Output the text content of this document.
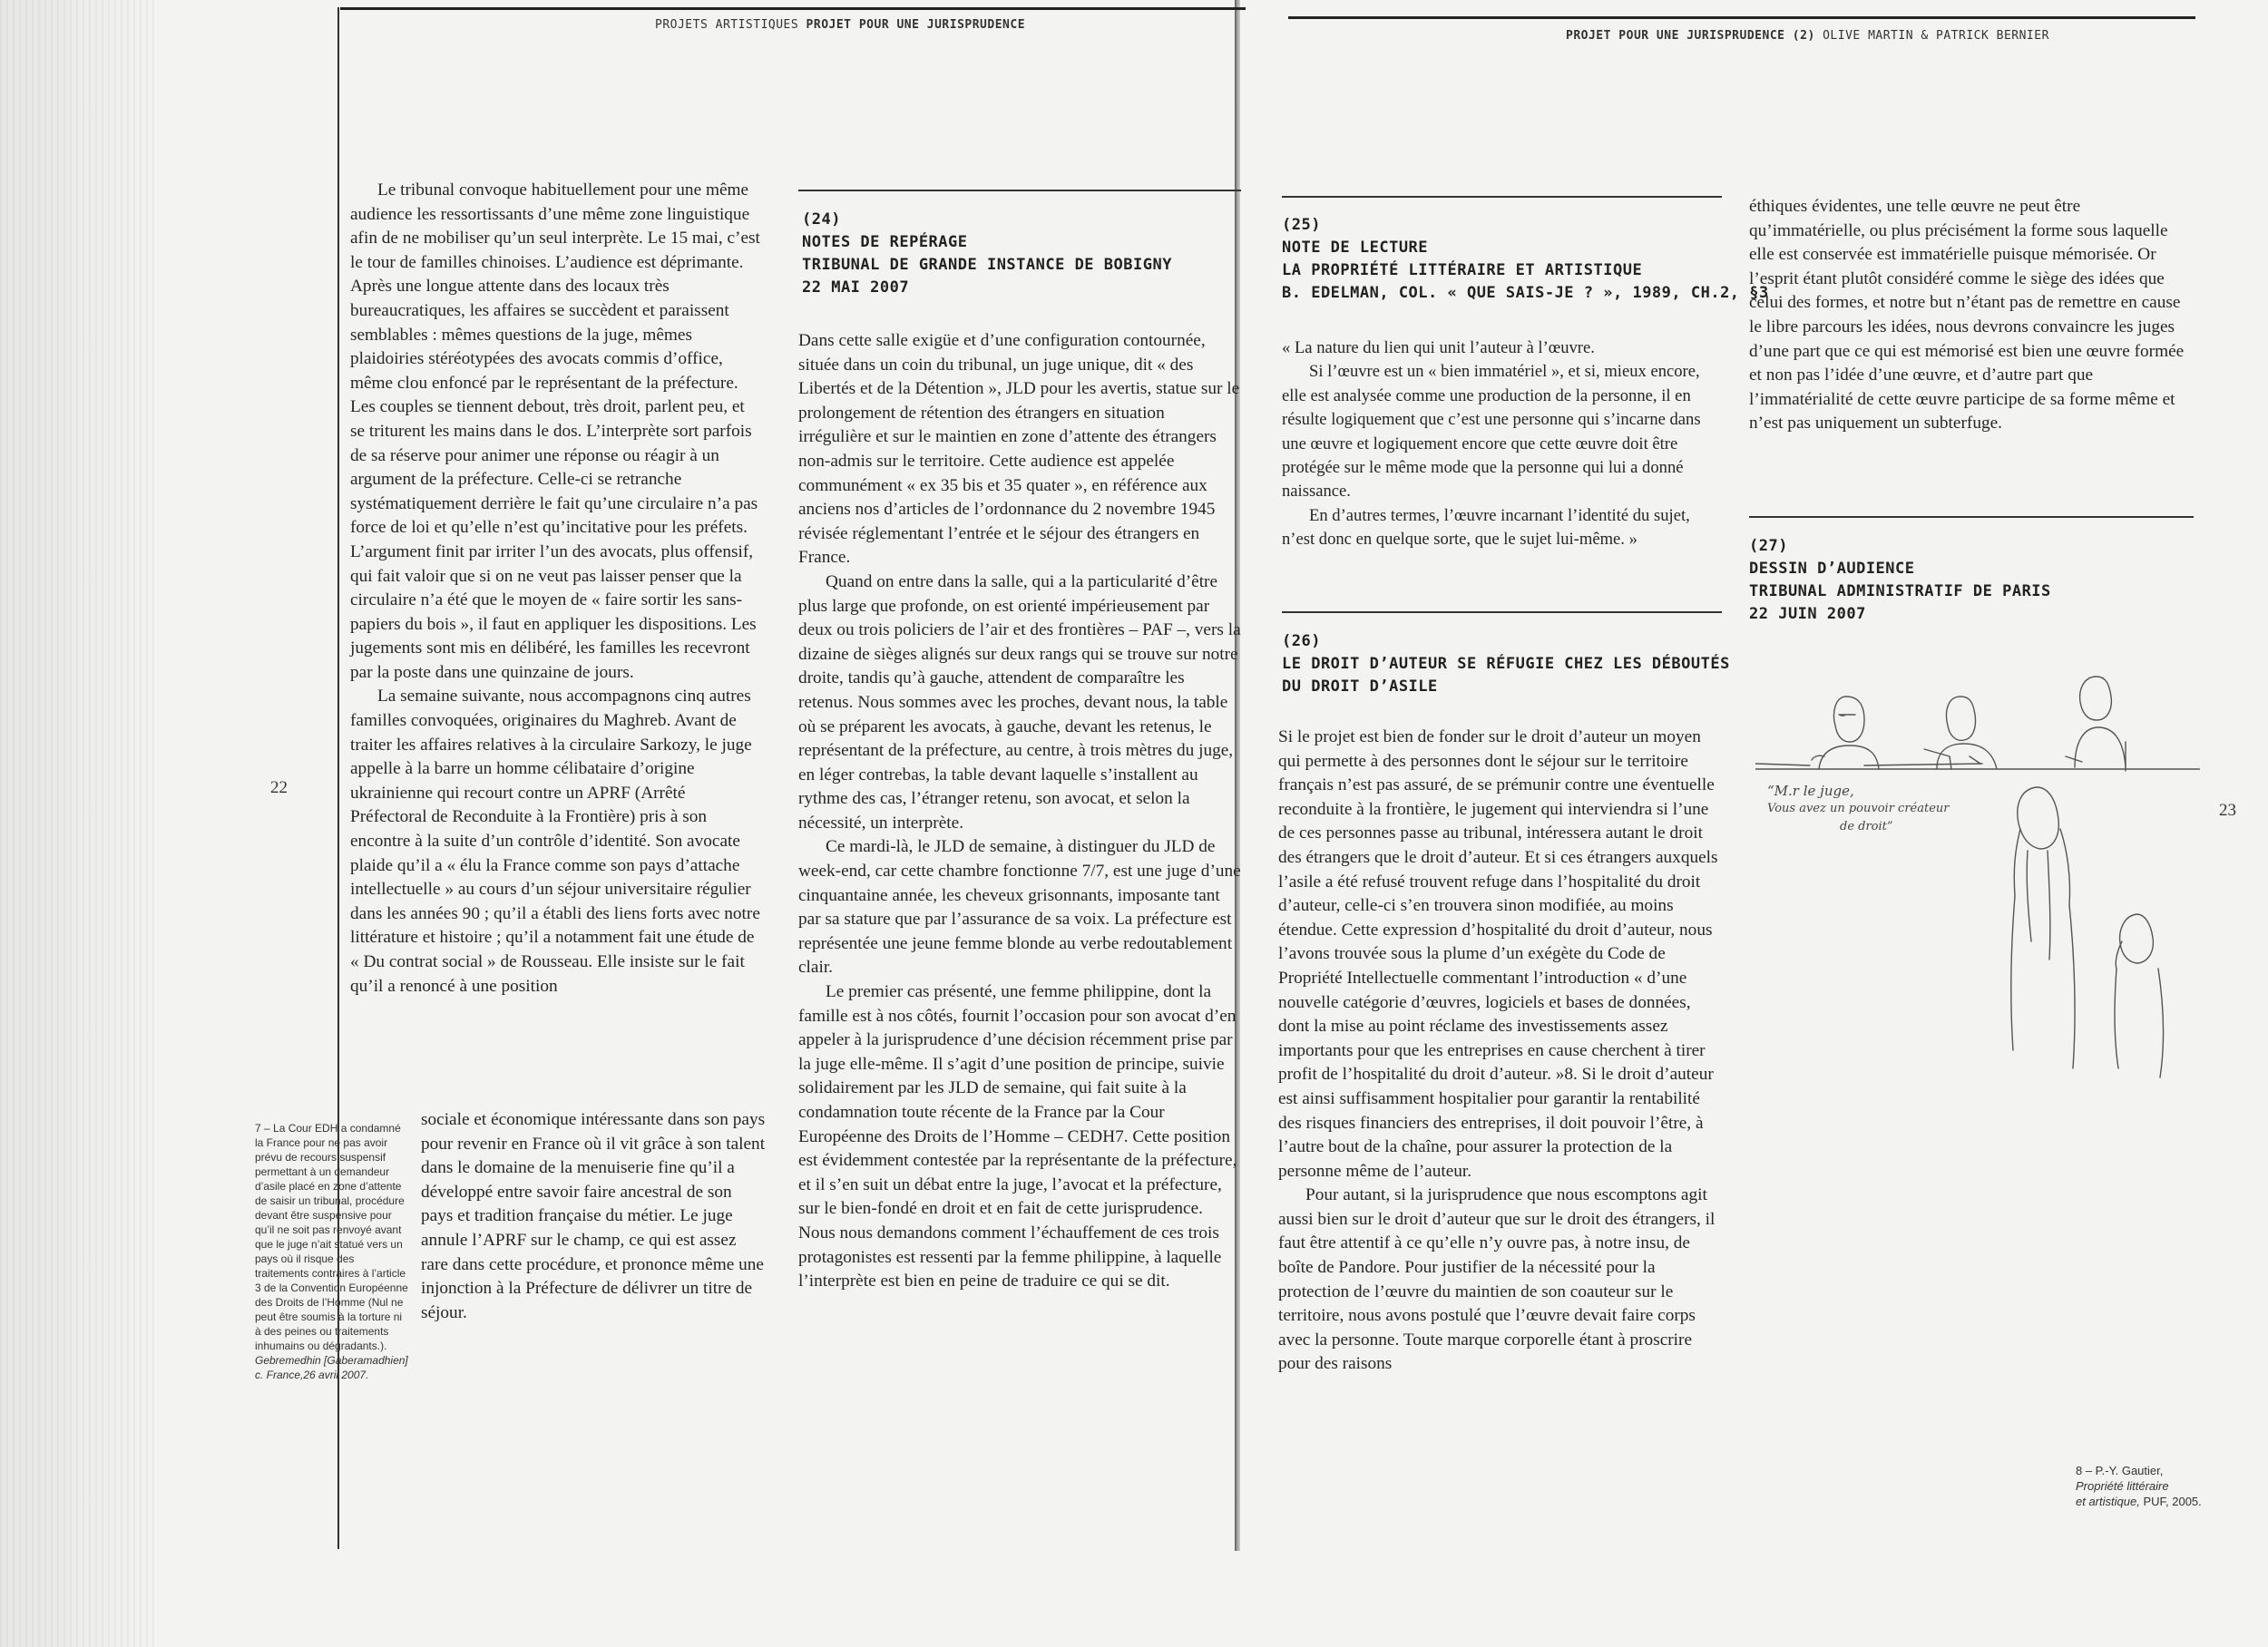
PROJETS ARTISTIQUES PROJET POUR UNE JURISPRUDENCE
PROJET POUR UNE JURISPRUDENCE (2) OLIVE MARTIN & PATRICK BERNIER
22
23

Le tribunal convoque habituellement pour une même audience les ressortissants d’une même zone linguistique afin de ne mobiliser qu’un seul interprète. Le 15 mai, c’est le tour de familles chinoises. L’audience est déprimante. Après une longue attente dans des locaux très bureaucratiques, les affaires se succèdent et paraissent semblables : mêmes questions de la juge, mêmes plaidoiries stéréotypées des avocats commis d’office, même clou enfoncé par le représentant de la préfecture. Les couples se tiennent debout, très droit, parlent peu, et se triturent les mains dans le dos. L’interprète sort parfois de sa réserve pour animer une réponse ou réagir à un argument de la préfecture. Celle-ci se retranche systématiquement derrière le fait qu’une circulaire n’a pas force de loi et qu’elle n’est qu’incitative pour les préfets. L’argument finit par irriter l’un des avocats, plus offensif, qui fait valoir que si on ne veut pas laisser penser que la circulaire n’a été que le moyen de « faire sortir les sans-papiers du bois », il faut en appliquer les dispositions. Les jugements sont mis en délibéré, les familles les recevront par la poste dans une quinzaine de jours.

La semaine suivante, nous accompagnons cinq autres familles convoquées, originaires du Maghreb. Avant de traiter les affaires relatives à la circulaire Sarkozy, le juge appelle à la barre un homme célibataire d’origine ukrainienne qui recourt contre un APRF (Arrêté Préfectoral de Reconduite à la Frontière) pris à son encontre à la suite d’un contrôle d’identité. Son avocate plaide qu’il a « élu la France comme son pays d’attache intellectuelle » au cours d’un séjour universitaire régulier dans les années 90 ; qu’il a établi des liens forts avec notre littérature et histoire ; qu’il a notamment fait une étude de « Du contrat social » de Rousseau. Elle insiste sur le fait qu’il a renoncé à une position

sociale et économique intéressante dans son pays pour revenir en France où il vit grâce à son talent dans le domaine de la menuiserie fine qu’il a développé entre savoir faire ancestral de son pays et tradition française du métier. Le juge annule l’APRF sur le champ, ce qui est assez rare dans cette procédure, et prononce même une injonction à la Préfecture de délivrer un titre de séjour.

7 – La Cour EDH a condamné la France pour ne pas avoir prévu de recours suspensif permettant à un demandeur d’asile placé en zone d’attente de saisir un tribunal, procédure devant être suspensive pour qu’il ne soit pas renvoyé avant que le juge n’ait statué vers un pays où il risque des traitements contraires à l’article 3 de la Convention Européenne des Droits de l’Homme (Nul ne peut être soumis à la torture ni à des peines ou traitements inhumains ou dégradants.).
Gebremedhin [Gaberamadhien] c. France,26 avril 2007.
(24)
NOTES DE REPÉRAGE
TRIBUNAL DE GRANDE INSTANCE DE BOBIGNY
22 MAI 2007

Dans cette salle exigüe et d’une configuration contournée, située dans un coin du tribunal, un juge unique, dit « des Libertés et de la Détention », JLD pour les avertis, statue sur le prolongement de rétention des étrangers en situation irrégulière et sur le maintien en zone d’attente des étrangers non-admis sur le territoire. Cette audience est appelée communément « ex 35 bis et 35 quater », en référence aux anciens nos d’articles de l’ordonnance du 2 novembre 1945 révisée réglementant l’entrée et le séjour des étrangers en France.

Quand on entre dans la salle, qui a la particularité d’être plus large que profonde, on est orienté impérieusement par deux ou trois policiers de l’air et des frontières – PAF –, vers la dizaine de sièges alignés sur deux rangs qui se trouve sur notre droite, tandis qu’à gauche, attendent de comparaître les retenus. Nous sommes avec les proches, devant nous, la table où se préparent les avocats, à gauche, devant les retenus, le représentant de la préfecture, au centre, à trois mètres du juge, en léger contrebas, la table devant laquelle s’installent au rythme des cas, l’étranger retenu, son avocat, et selon la nécessité, un interprète.

Ce mardi-là, le JLD de semaine, à distinguer du JLD de week-end, car cette chambre fonctionne 7/7, est une juge d’une cinquantaine année, les cheveux grisonnants, imposante tant par sa stature que par l’assurance de sa voix. La préfecture est représentée une jeune femme blonde au verbe redoutablement clair.

Le premier cas présenté, une femme philippine, dont la famille est à nos côtés, fournit l’occasion pour son avocat d’en appeler à la jurisprudence d’une décision récemment prise par la juge elle-même. Il s’agit d’une position de principe, suivie solidairement par les JLD de semaine, qui fait suite à la condamnation toute récente de la France par la Cour Européenne des Droits de l’Homme – CEDH7. Cette position est évidemment contestée par la représentante de la préfecture, et il s’en suit un débat entre la juge, l’avocat et la préfecture, sur le bien-fondé en droit et en fait de cette jurisprudence. Nous nous demandons comment l’échauffement de ces trois protagonistes est ressenti par la femme philippine, à laquelle l’interprète est bien en peine de traduire ce qui se dit.

(25)
NOTE DE LECTURE
LA PROPRIÉTÉ LITTÉRAIRE ET ARTISTIQUE
B. EDELMAN, COL. « QUE SAIS-JE ? », 1989, CH.2, §3

« La nature du lien qui unit l’auteur à l’œuvre.

Si l’œuvre est un « bien immatériel », et si, mieux encore, elle est analysée comme une production de la personne, il en résulte logiquement que c’est une personne qui s’incarne dans une œuvre et logiquement encore que cette œuvre doit être protégée sur le même mode que la personne qui lui a donné naissance.

En d’autres termes, l’œuvre incarnant l’identité du sujet, n’est donc en quelque sorte, que le sujet lui-même. »

(26)
LE DROIT D’AUTEUR SE RÉFUGIE CHEZ LES DÉBOUTÉS
DU DROIT D’ASILE

Si le projet est bien de fonder sur le droit d’auteur un moyen qui permette à des personnes dont le séjour sur le territoire français n’est pas assuré, de se prémunir contre une éventuelle reconduite à la frontière, le jugement qui interviendra si l’une de ces personnes passe au tribunal, intéressera autant le droit des étrangers que le droit d’auteur. Et si ces étrangers auxquels l’asile a été refusé trouvent refuge dans l’hospitalité du droit d’auteur, celle-ci s’en trouvera sinon modifiée, au moins étendue. Cette expression d’hospitalité du droit d’auteur, nous l’avons trouvée sous la plume d’un exégète du Code de Propriété Intellectuelle commentant l’introduction « d’une nouvelle catégorie d’œuvres, logiciels et bases de données, dont la mise au point réclame des investissements assez importants pour que les entreprises en cause cherchent à tirer profit de l’hospitalité du droit d’auteur. »8. Si le droit d’auteur est ainsi suffisamment hospitalier pour garantir la rentabilité des risques financiers des entreprises, il doit pouvoir l’être, à l’autre bout de la chaîne, pour assurer la protection de la personne même de l’auteur.

Pour autant, si la jurisprudence que nous escomptons agit aussi bien sur le droit d’auteur que sur le droit des étrangers, il faut être attentif à ce qu’elle n’y ouvre pas, à notre insu, de boîte de Pandore. Pour justifier de la nécessité pour la protection de l’œuvre du maintien de son coauteur sur le territoire, nous avons postulé que l’œuvre devait faire corps avec la personne. Toute marque corporelle étant à proscrire pour des raisons

éthiques évidentes, une telle œuvre ne peut être qu’immatérielle, ou plus précisément la forme sous laquelle elle est conservée est immatérielle puisque mémorisée. Or l’esprit étant plutôt considéré comme le siège des idées que celui des formes, et notre but n’étant pas de remettre en cause le libre parcours les idées, nous devrons convaincre les juges d’une part que ce qui est mémorisé est bien une œuvre formée et non pas l’idée d’une œuvre, et d’autre part que l’immatérialité de cette œuvre participe de sa forme même et n’est pas uniquement un subterfuge.

(27)
DESSIN D’AUDIENCE
TRIBUNAL ADMINISTRATIF DE PARIS
22 JUIN 2007
“M.r le juge,
Vous avez un pouvoir créateur
de droit”
8 – P.-Y. Gautier,
Propriété littéraire
et artistique, PUF, 2005.
